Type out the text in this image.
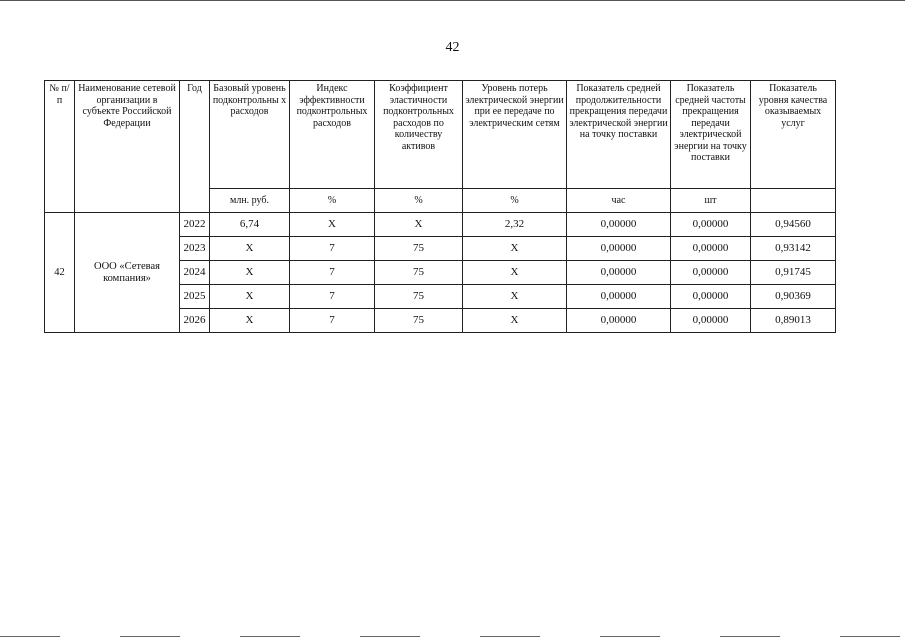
42
№ п/п	Наименование сетевой организации в субъекте Российской Федерации	Год	Базовый уровень подконтрольны х расходов	Индекс эффективности подконтрольных расходов	Коэффициент эластичности подконтрольных расходов по количеству активов	Уровень потерь электрической энергии при ее передаче по электрическим сетям	Показатель средней продолжительности прекращения передачи электрической энергии на точку поставки	Показатель средней частоты прекращения передачи электрической энергии на точку поставки	Показатель уровня качества оказываемых услуг
			млн. руб.	%	%	%	час	шт	
42	ООО «Сетевая компания»	2022	6,74	X	X	2,32	0,00000	0,00000	0,94560
		2023	X	7	75	X	0,00000	0,00000	0,93142
		2024	X	7	75	X	0,00000	0,00000	0,91745
		2025	X	7	75	X	0,00000	0,00000	0,90369
		2026	X	7	75	X	0,00000	0,00000	0,89013
